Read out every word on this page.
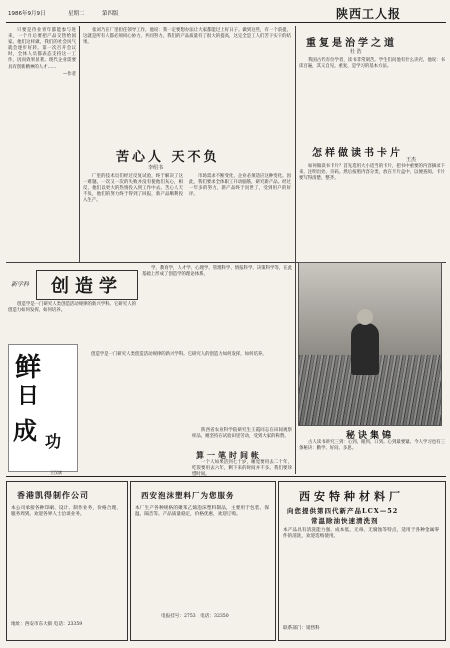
1986年9月9日	星期二	第四版	陕西工人报

只要是待业青年都能参与进来，一个月后要把产品交售给国家。他们这样做，我们的社会风气就会逐步好转。第一次召开会议时，全体人员都表态支持这一工作，因而效果显著。现代企业需要具有创新精神的人才……

—作者

张刘乃在厂里担任领导工作，他说：我一定要想办法让大家都能过上好日子。做到这些，有一个前提，这就是所有人都必须同心协力，共同努力。我们的产品质量有了很大的提高，这完全是工人们苦干实干的结果。

苦心人 天不负
李绍书

厂里的技术员们经过反复试验，终于解决了这一难题。一次又一次的失败并没有使他们灰心，相反，他们以更大的热情投入到工作中去。苦心人天不负，他们的努力终于得到了回报，新产品顺利投入生产。

市场需求不断变化，企业必须适应这种变化。因此，我们要求全体职工开动脑筋，研究新产品。经过一年多的努力，新产品终于问世了，受到用户的好评。

重复是治学之道
杜 浩

我国古代有位学者，读书非常刻苦。学生们问他有什么诀窍，他说：书读百遍，其义自见。重复，是学习的基本方法。

怎样做读书卡片
王杰

如何做读书卡片？首先选用大小适当的卡片，把书中重要的内容摘录下来，注明出处、页码。然后按照内容分类，放在卡片盒中，以便查阅。卡片要写得清楚、整齐。

新学科 创造学

创造学是一门研究人类创造活动规律的新兴学科。它研究人的创造力如何发挥，如何培养。

学，教育学，人才学、心理学、管理科学、情报科学、决策科学等，在此基础上形成了创造学的理论体系。

鲜
日
成 功
王汉斌

创造学是一门研究人类创造活动规律的新兴学科。它研究人的创造力如何发挥，如何培养。

陕西省农业科学院研究生王霞同志在田间观察样品，她坚持在试验田里劳动，受到大家的称赞。

算一笔时间帐

一个人如果活到七十岁，睡觉要用去二十年，吃饭要用去六年，剩下来的时间并不多。我们要珍惜时间。

秘诀集锦

古人读书讲究三到：心到、眼到、口到。心到最要紧。今人学习也有三条秘诀：勤学、好问、多思。

香港凯得制作公司
本公司承接各种印刷、设计、制作业务，价格合理，服务周到。欢迎各界人士洽谈业务。
地址：西安市东大街 电话：23359
西安泡沫塑料厂为您服务
本厂生产各种规格的聚苯乙烯泡沫塑料制品，主要用于包装、保温、隔音等。产品质量稳定，价格优惠，欢迎订购。
电报挂号：2753　电话：32350
西安特种材料厂
向您提供第四代新产品LCX—52
常温除油快速清洗剂
本产品具有清洗能力强、成本低、无毒、无腐蚀等特点，适用于各种金属零件的清洗，欢迎选购使用。
联系部门：销售科
